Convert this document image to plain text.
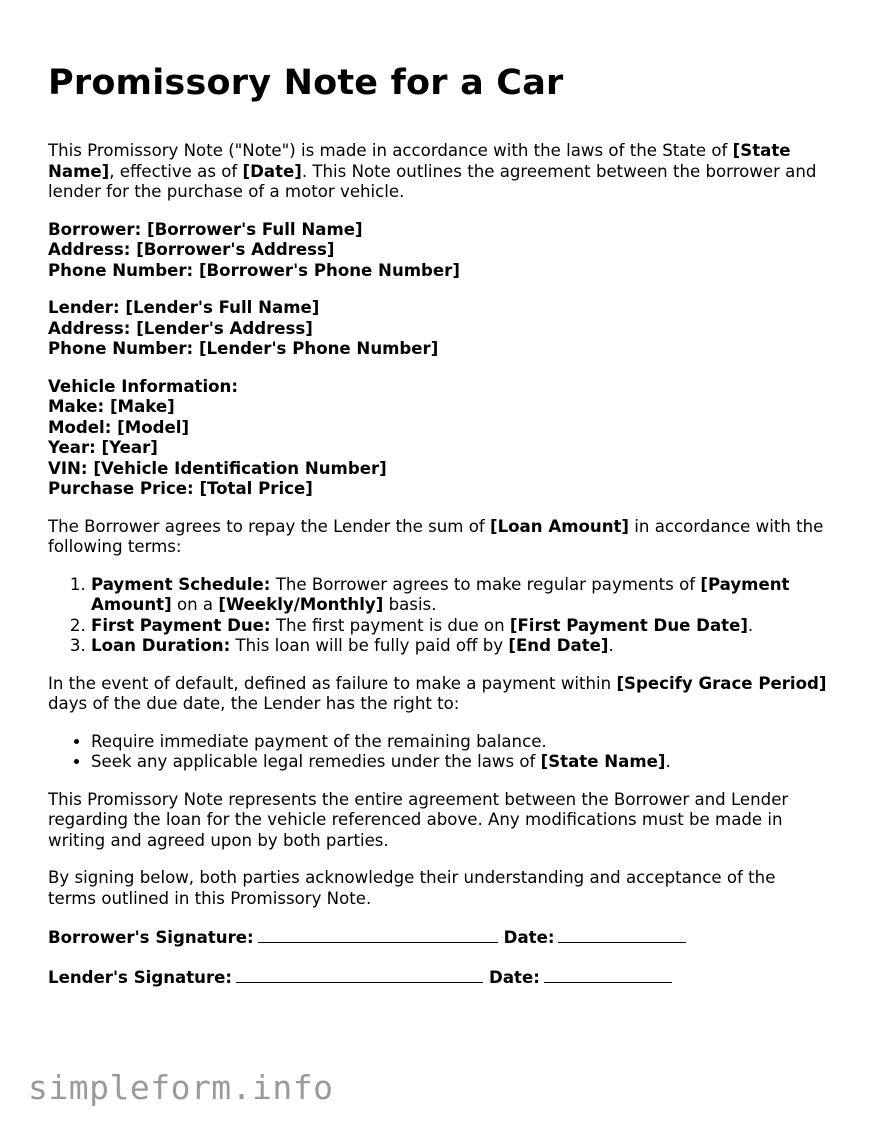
Promissory Note for a Car

This Promissory Note ("Note") is made in accordance with the laws of the State of [State Name], effective as of [Date]. This Note outlines the agreement between the borrower and lender for the purchase of a motor vehicle.

Borrower: [Borrower's Full Name]
Address: [Borrower's Address]
Phone Number: [Borrower's Phone Number]
Lender: [Lender's Full Name]
Address: [Lender's Address]
Phone Number: [Lender's Phone Number]
Vehicle Information:
Make: [Make]
Model: [Model]
Year: [Year]
VIN: [Vehicle Identification Number]
Purchase Price: [Total Price]

The Borrower agrees to repay the Lender the sum of [Loan Amount] in accordance with the following terms:

1. Payment Schedule: The Borrower agrees to make regular payments of [Payment Amount] on a [Weekly/Monthly] basis.
2. First Payment Due: The first payment is due on [First Payment Due Date].
3. Loan Duration: This loan will be fully paid off by [End Date].

In the event of default, defined as failure to make a payment within [Specify Grace Period] days of the due date, the Lender has the right to:

• Require immediate payment of the remaining balance.
• Seek any applicable legal remedies under the laws of [State Name].

This Promissory Note represents the entire agreement between the Borrower and Lender regarding the loan for the vehicle referenced above. Any modifications must be made in writing and agreed upon by both parties.

By signing below, both parties acknowledge their understanding and acceptance of the terms outlined in this Promissory Note.

Borrower's Signature:	Date:
Lender's Signature:	Date:
simpleform.info
